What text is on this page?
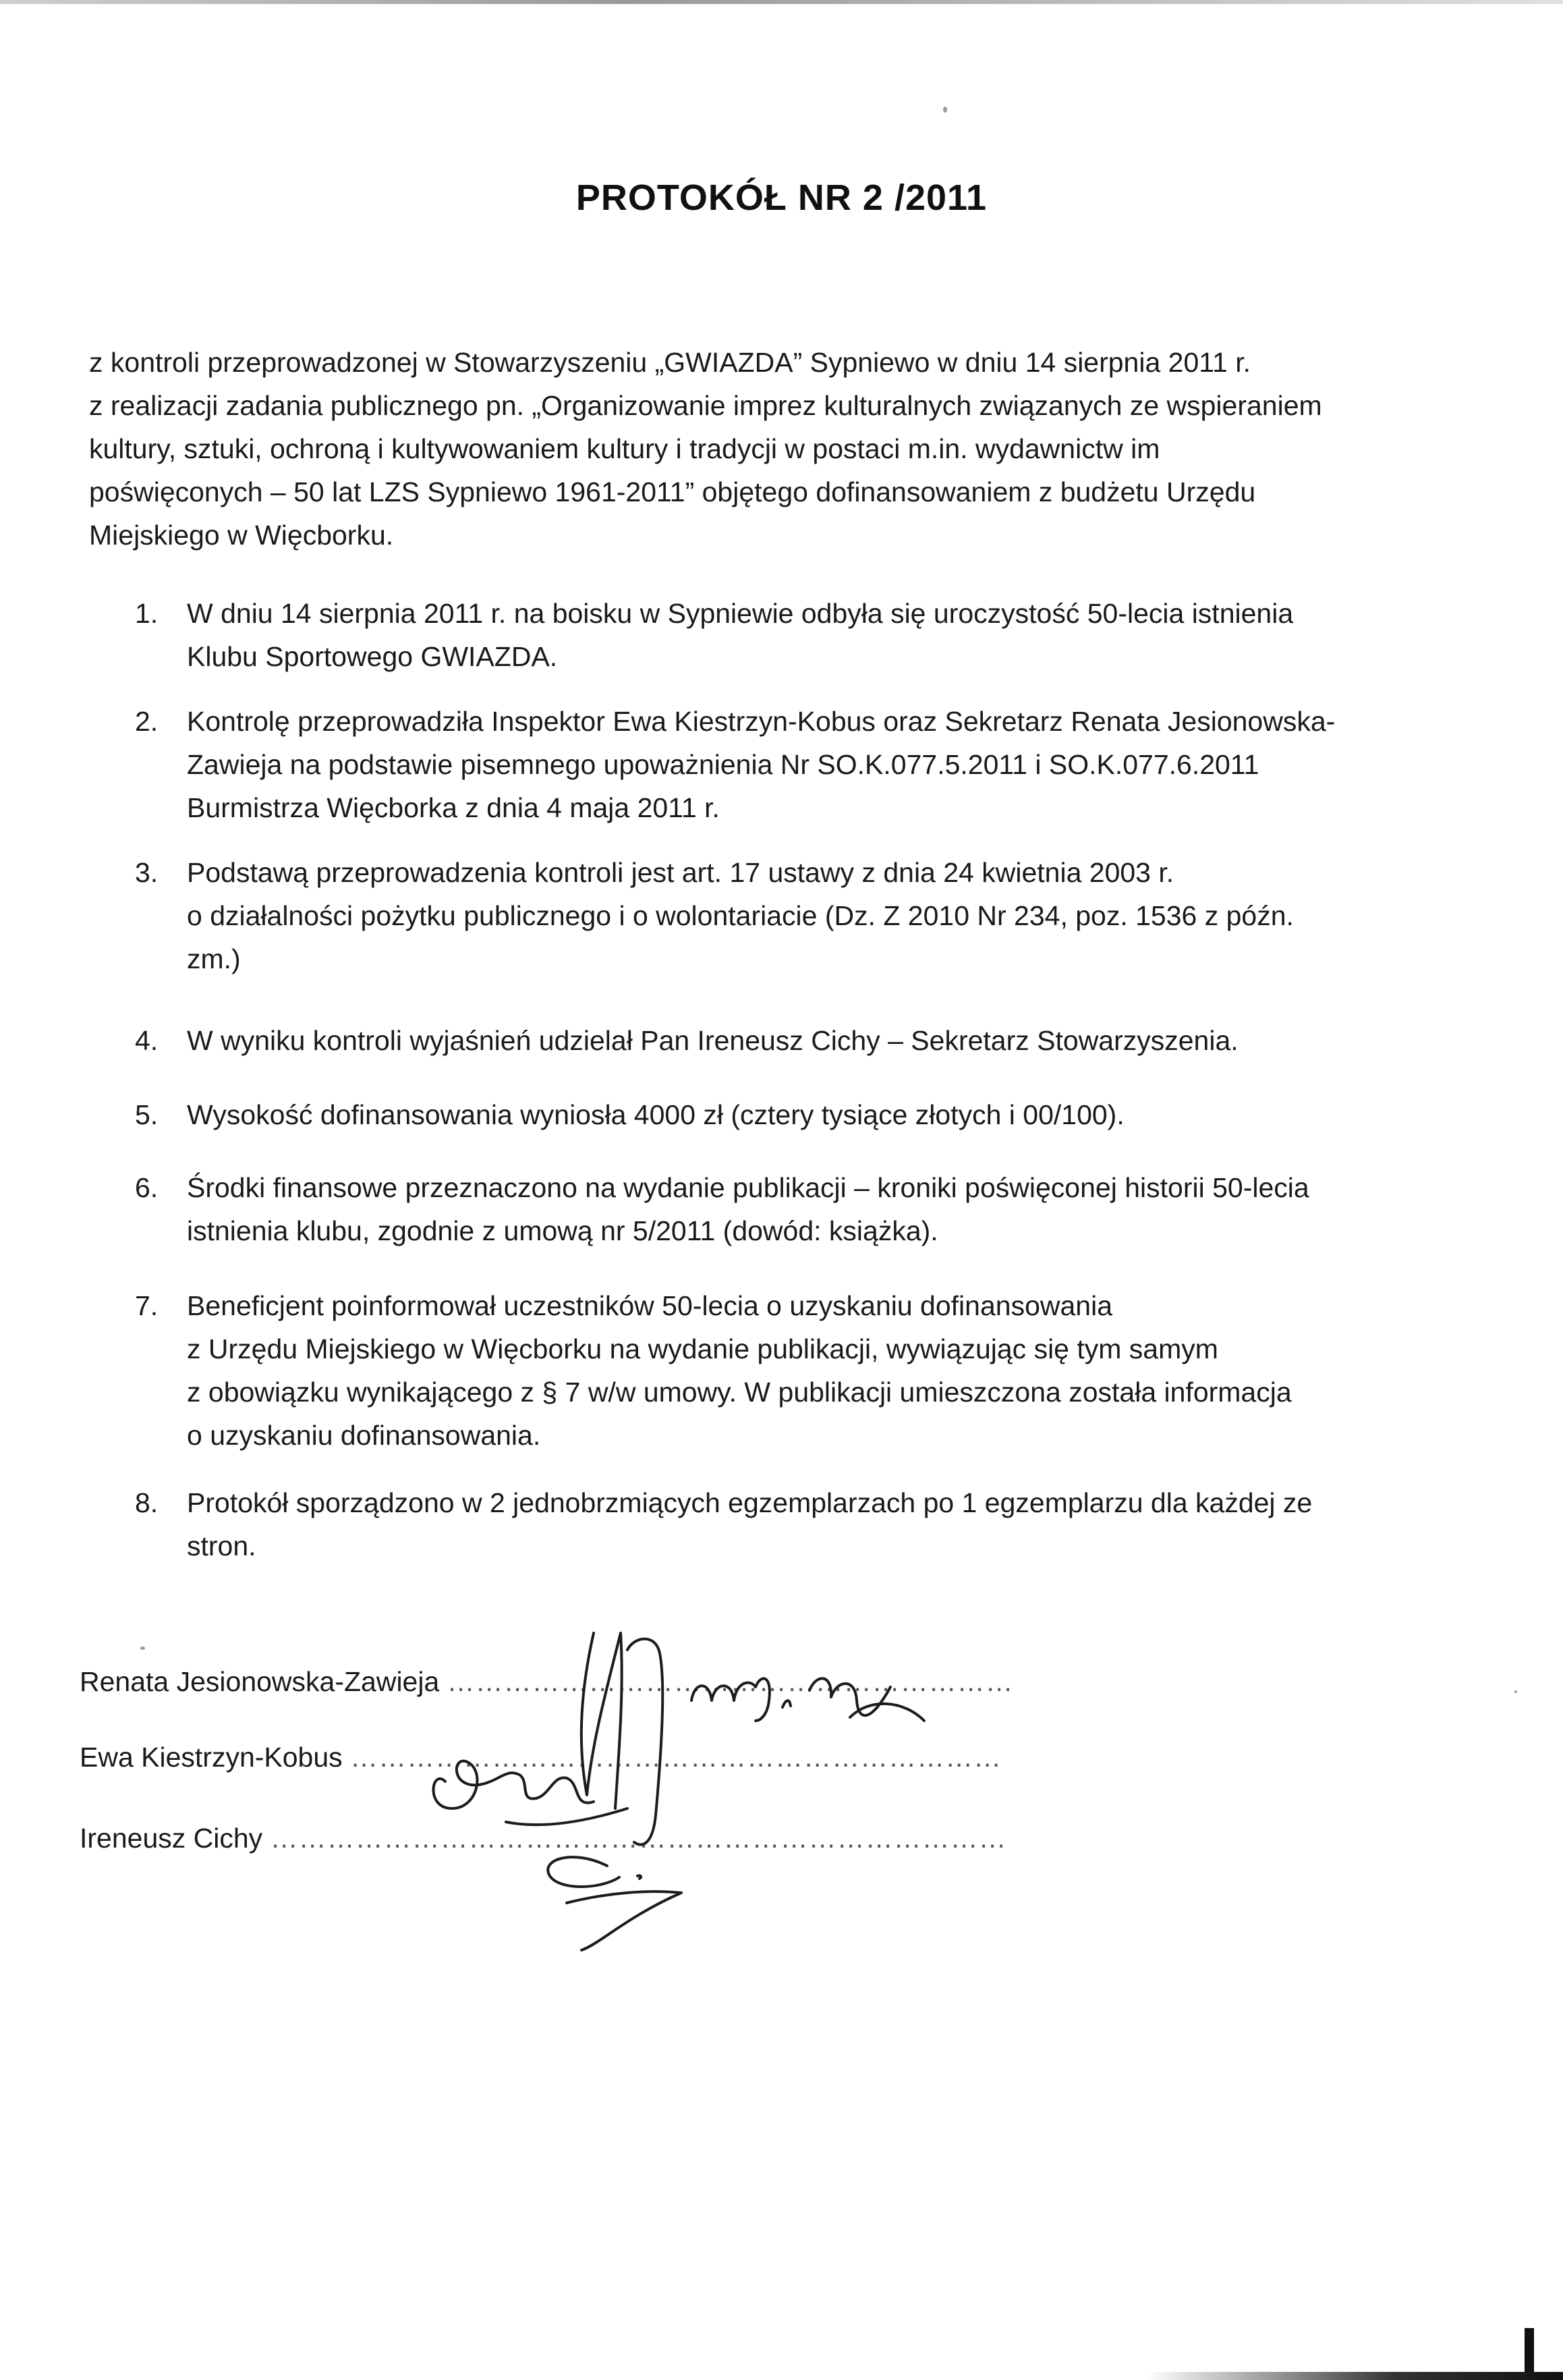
PROTOKÓŁ NR 2 /2011

z kontroli przeprowadzonej w Stowarzyszeniu „GWIAZDA” Sypniewo w dniu 14 sierpnia 2011 r.

z realizacji zadania publicznego pn. „Organizowanie imprez kulturalnych związanych ze wspieraniem

kultury, sztuki, ochroną i kultywowaniem kultury i tradycji w postaci m.in. wydawnictw im

poświęconych – 50 lat LZS Sypniewo 1961-2011” objętego dofinansowaniem z budżetu Urzędu

Miejskiego w Więcborku.

1. W dniu 14 sierpnia 2011 r. na boisku w Sypniewie odbyła się uroczystość 50-lecia istnienia
Klubu Sportowego GWIAZDA.
2. Kontrolę przeprowadziła Inspektor Ewa Kiestrzyn-Kobus oraz Sekretarz Renata Jesionowska-
Zawieja na podstawie pisemnego upoważnienia Nr SO.K.077.5.2011 i SO.K.077.6.2011
Burmistrza Więcborka z dnia 4 maja 2011 r.
3. Podstawą przeprowadzenia kontroli jest art. 17 ustawy z dnia 24 kwietnia 2003 r.
o działalności pożytku publicznego i o wolontariacie (Dz. Z 2010 Nr 234, poz. 1536 z późn.
zm.)
4. W wyniku kontroli wyjaśnień udzielał Pan Ireneusz Cichy – Sekretarz Stowarzyszenia.
5. Wysokość dofinansowania wyniosła 4000 zł (cztery tysiące złotych i 00/100).
6. Środki finansowe przeznaczono na wydanie publikacji – kroniki poświęconej historii 50-lecia
istnienia klubu, zgodnie z umową nr 5/2011 (dowód: książka).
7. Beneficjent poinformował uczestników 50-lecia o uzyskaniu dofinansowania
z Urzędu Miejskiego w Więcborku na wydanie publikacji, wywiązując się tym samym
z obowiązku wynikającego z § 7 w/w umowy. W publikacji umieszczona została informacja
o uzyskaniu dofinansowania.
8. Protokół sporządzono w 2 jednobrzmiących egzemplarzach po 1 egzemplarzu dla każdej ze
stron.
Renata Jesionowska-Zawieja ……………………………………………………
Ewa Kiestrzyn-Kobus ……………………………………………………………
Ireneusz Cichy ……………………………………………………………………
